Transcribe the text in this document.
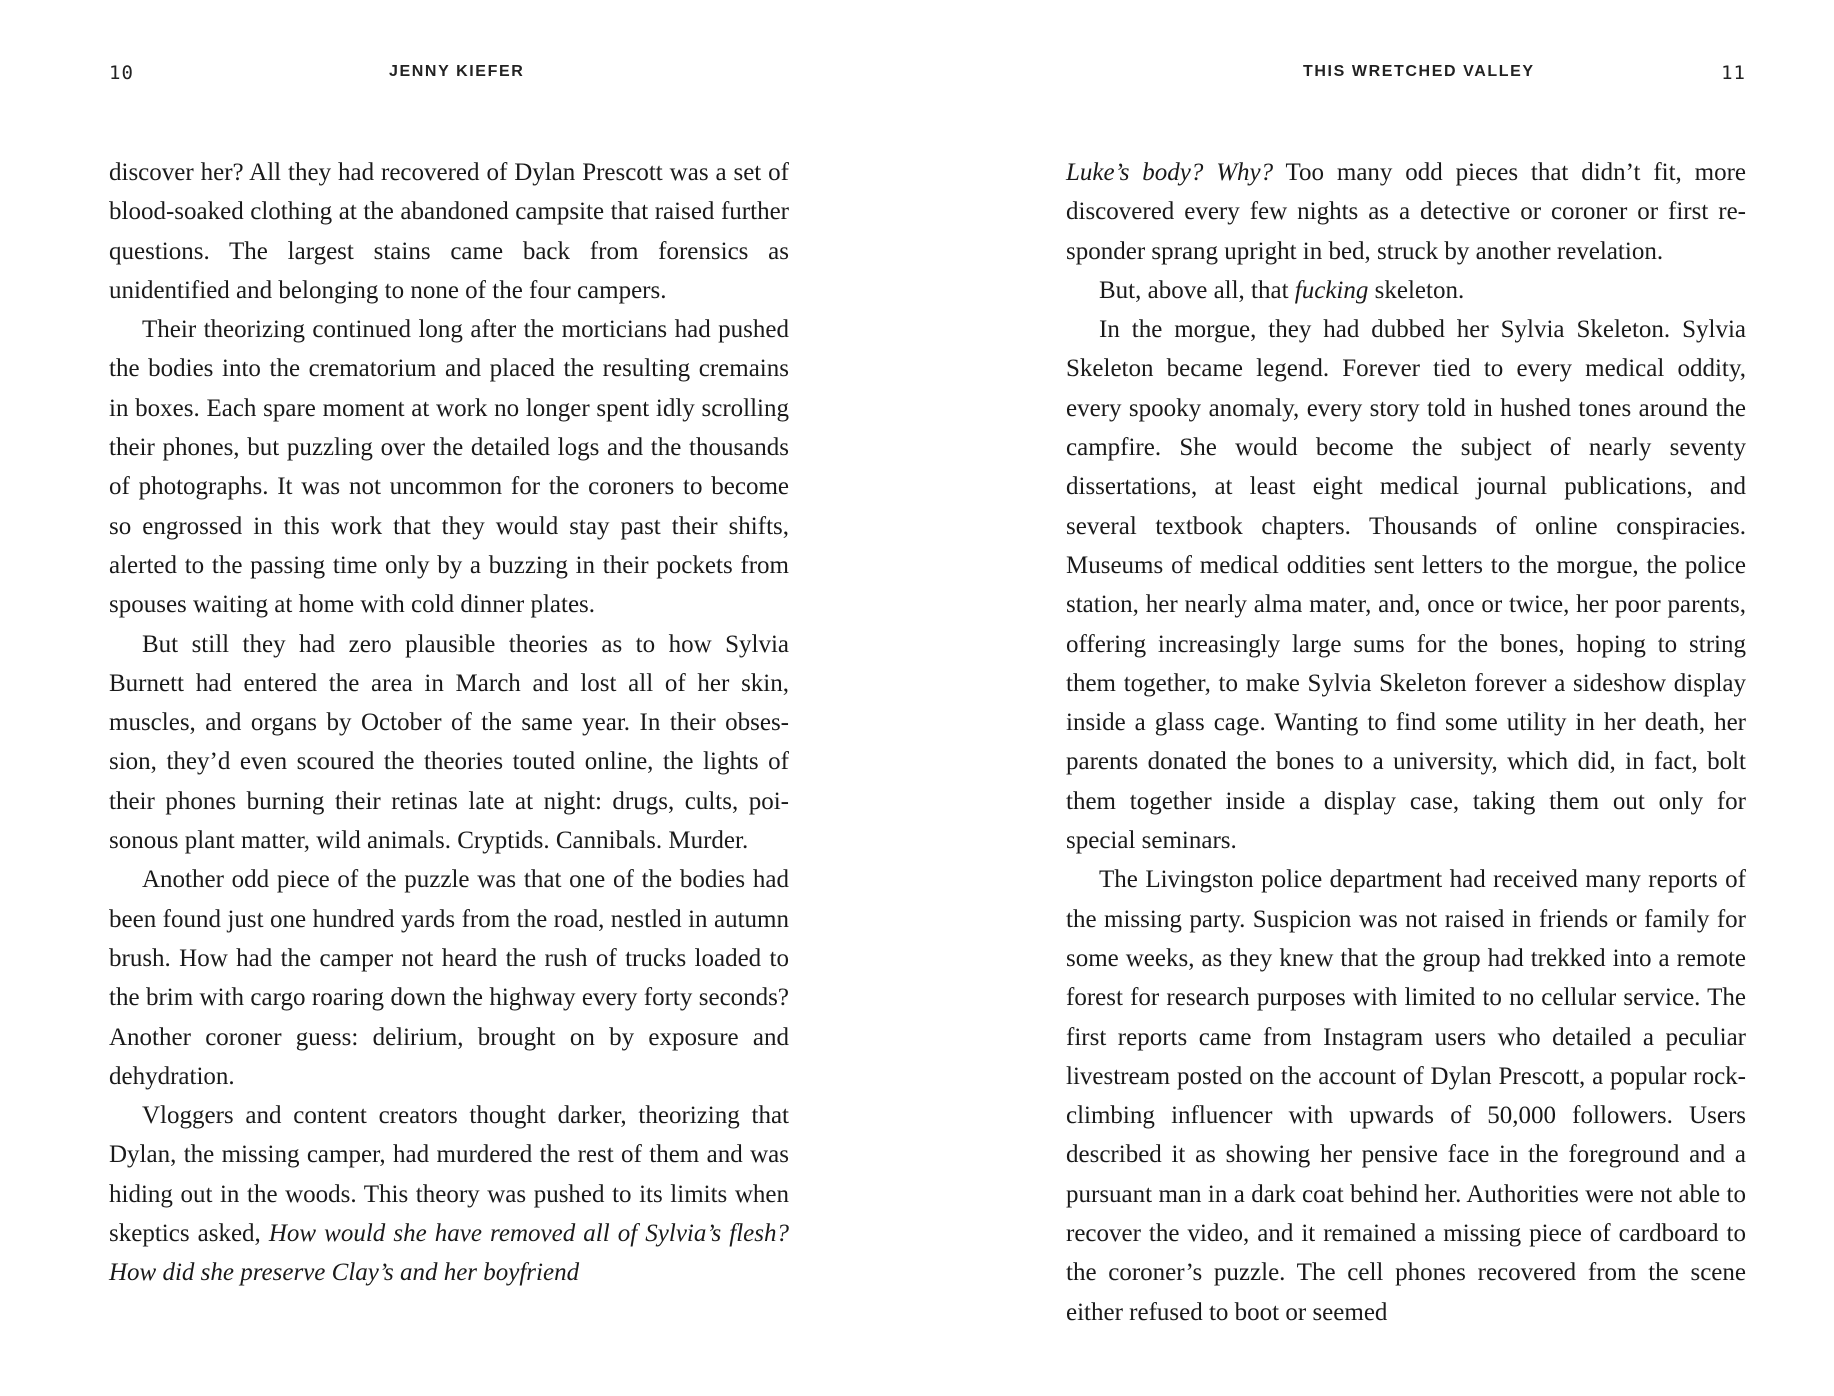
10	JENNY KIEFER

discover her? All they had recovered of Dylan Prescott was a set of blood-soaked clothing at the abandoned campsite that raised further questions. The largest stains came back from forensics as unidentified and belonging to none of the four campers.

Their theorizing continued long after the morticians had pushed the bodies into the crematorium and placed the resulting cremains in boxes. Each spare moment at work no longer spent idly scrolling their phones, but puzzling over the detailed logs and the thousands of photographs. It was not uncommon for the coroners to become so engrossed in this work that they would stay past their shifts, alerted to the passing time only by a buzzing in their pockets from spouses waiting at home with cold dinner plates.

But still they had zero plausible theories as to how Sylvia Burnett had entered the area in March and lost all of her skin, muscles, and organs by October of the same year. In their obsession, they’d even scoured the theories touted online, the lights of their phones burning their retinas late at night: drugs, cults, poisonous plant matter, wild animals. Cryptids. Cannibals. Murder.

Another odd piece of the puzzle was that one of the bodies had been found just one hundred yards from the road, nestled in autumn brush. How had the camper not heard the rush of trucks loaded to the brim with cargo roaring down the highway every forty seconds? Another coroner guess: delirium, brought on by exposure and dehydration.

Vloggers and content creators thought darker, theorizing that Dylan, the missing camper, had murdered the rest of them and was hiding out in the woods. This theory was pushed to its limits when skeptics asked, How would she have removed all of Sylvia’s flesh? How did she preserve Clay’s and her boyfriend

THIS WRETCHED VALLEY	11

Luke’s body? Why? Too many odd pieces that didn’t fit, more discovered every few nights as a detective or coroner or first responder sprang upright in bed, struck by another revelation.

But, above all, that fucking skeleton.

In the morgue, they had dubbed her Sylvia Skeleton. Sylvia Skeleton became legend. Forever tied to every medical oddity, every spooky anomaly, every story told in hushed tones around the campfire. She would become the subject of nearly seventy dissertations, at least eight medical journal publications, and several textbook chapters. Thousands of online conspiracies. Museums of medical oddities sent letters to the morgue, the police station, her nearly alma mater, and, once or twice, her poor parents, offering increasingly large sums for the bones, hoping to string them together, to make Sylvia Skeleton forever a sideshow display inside a glass cage. Wanting to find some utility in her death, her parents donated the bones to a university, which did, in fact, bolt them together inside a display case, taking them out only for special seminars.

The Livingston police department had received many reports of the missing party. Suspicion was not raised in friends or family for some weeks, as they knew that the group had trekked into a remote forest for research purposes with limited to no cellular service. The first reports came from Instagram users who detailed a peculiar livestream posted on the account of Dylan Prescott, a popular rock-climbing influencer with upwards of 50,000 followers. Users described it as showing her pensive face in the foreground and a pursuant man in a dark coat behind her. Authorities were not able to recover the video, and it remained a missing piece of cardboard to the coroner’s puzzle. The cell phones recovered from the scene either refused to boot or seemed
